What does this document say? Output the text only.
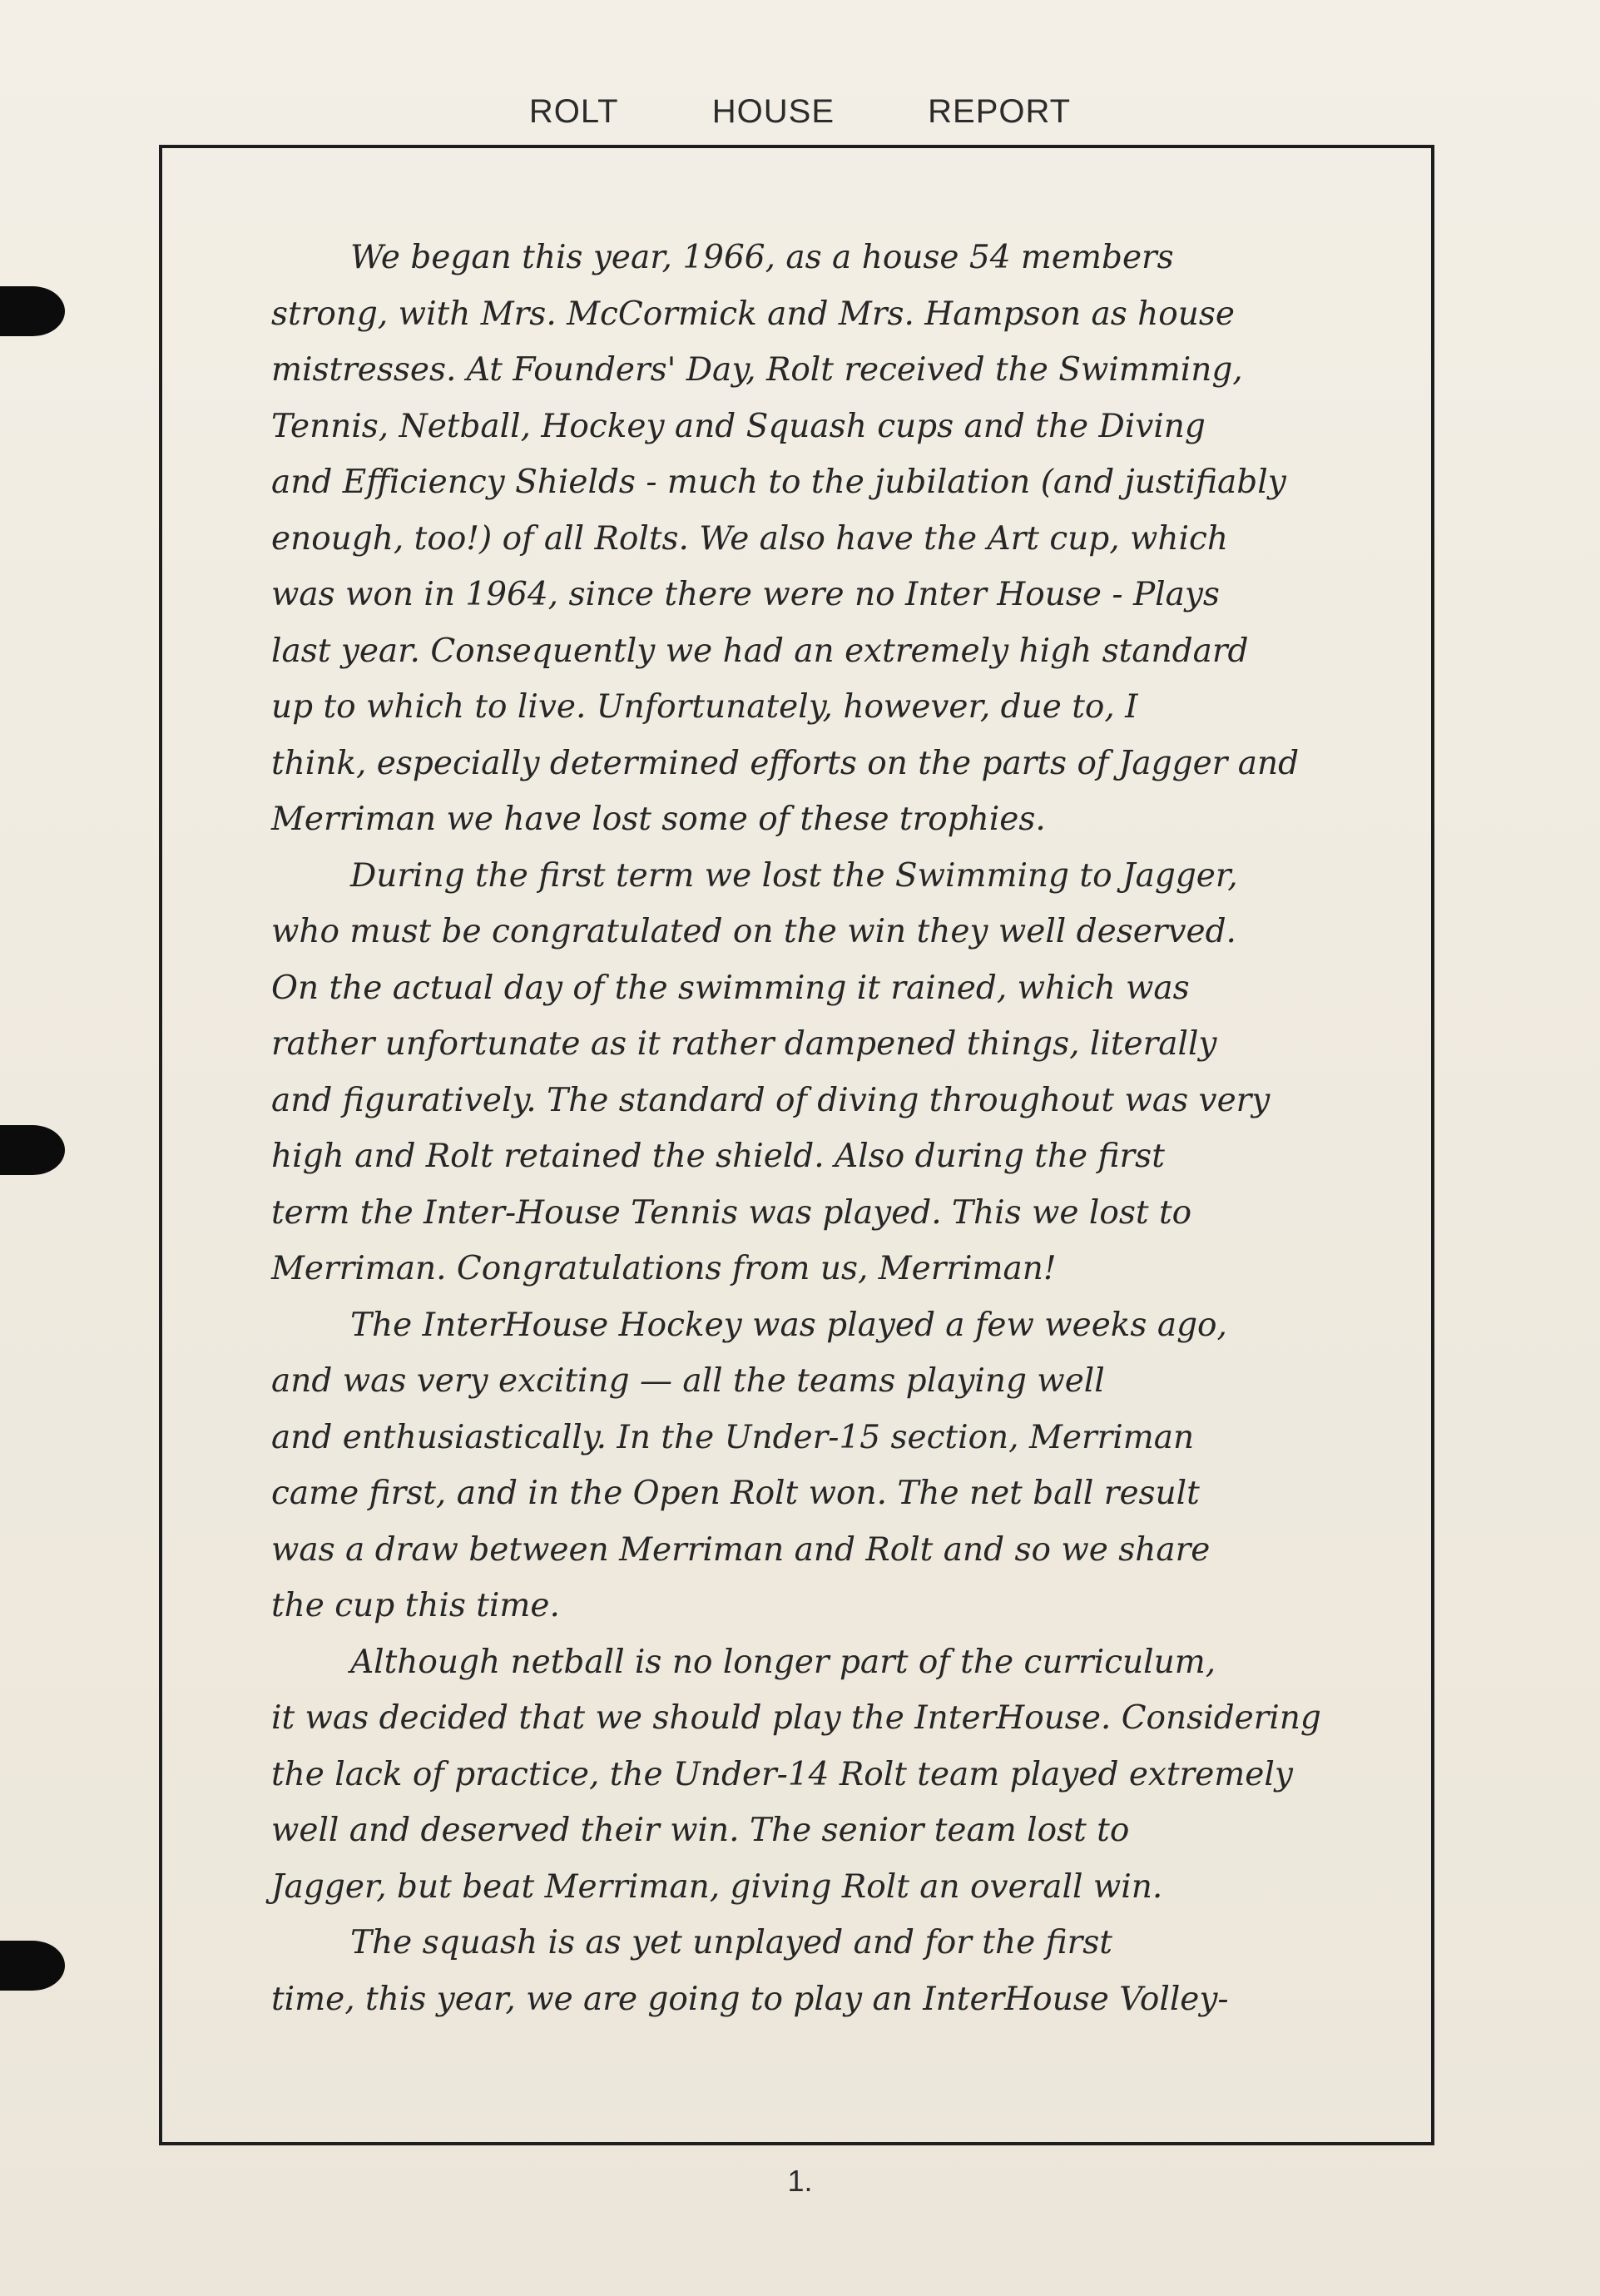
ROLT	HOUSE	REPORT
We began this year, 1966, as a house 54 members
strong, with Mrs. McCormick and Mrs. Hampson as house
mistresses. At Founders' Day, Rolt received the Swimming,
Tennis, Netball, Hockey and Squash cups and the Diving
and Efficiency Shields - much to the jubilation (and justifiably
enough, too!) of all Rolts. We also have the Art cup, which
was won in 1964, since there were no Inter House - Plays
last year. Consequently we had an extremely high standard
up to which to live. Unfortunately, however, due to, I
think, especially determined efforts on the parts of Jagger and
Merriman we have lost some of these trophies.
During the first term we lost the Swimming to Jagger,
who must be congratulated on the win they well deserved.
On the actual day of the swimming it rained, which was
rather unfortunate as it rather dampened things, literally
and figuratively. The standard of diving throughout was very
high and Rolt retained the shield. Also during the first
term the Inter-House Tennis was played. This we lost to
Merriman. Congratulations from us, Merriman!
The InterHouse Hockey was played a few weeks ago,
and was very exciting — all the teams playing well
and enthusiastically. In the Under-15 section, Merriman
came first, and in the Open Rolt won. The net ball result
was a draw between Merriman and Rolt and so we share
the cup this time.
Although netball is no longer part of the curriculum,
it was decided that we should play the InterHouse. Considering
the lack of practice, the Under-14 Rolt team played extremely
well and deserved their win. The senior team lost to
Jagger, but beat Merriman, giving Rolt an overall win.
The squash is as yet unplayed and for the first
time, this year, we are going to play an InterHouse Volley-
1.
